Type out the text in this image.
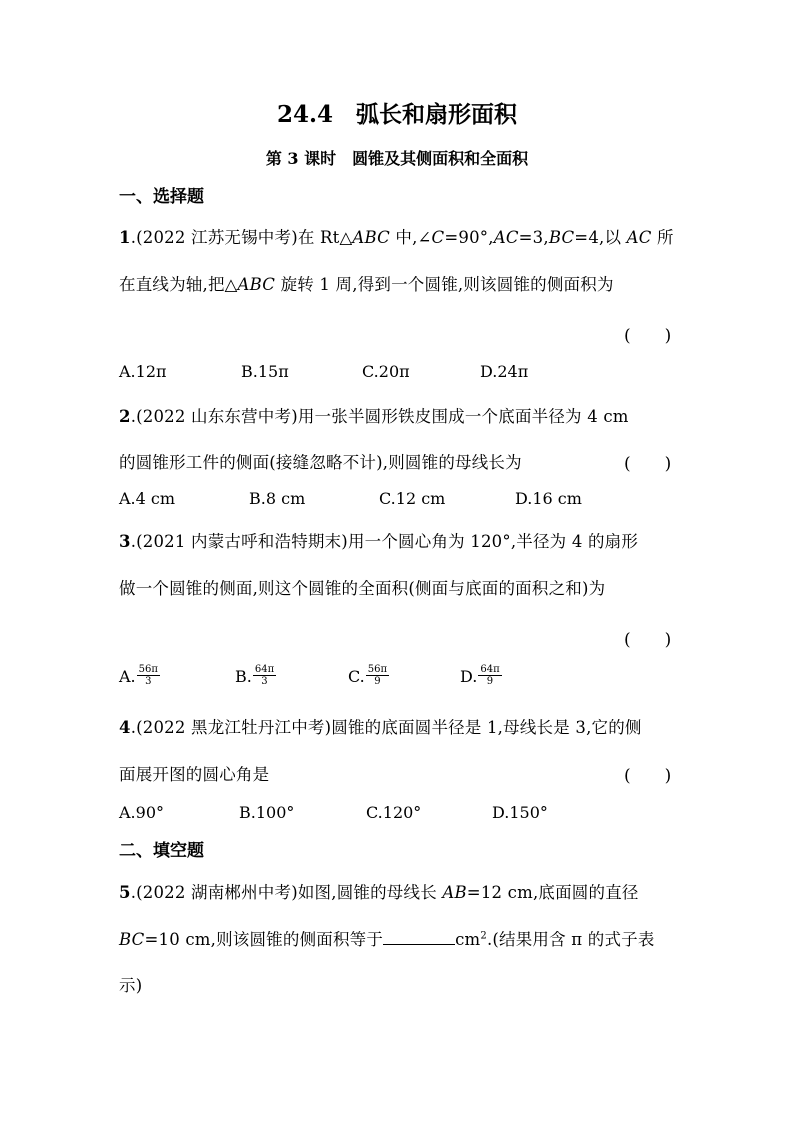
24.4　弧长和扇形面积
第 3 课时　圆锥及其侧面积和全面积
一、选择题
1.(2022 江苏无锡中考)在 Rt△ABC 中,∠C=90°,AC=3,BC=4,以 AC 所
在直线为轴,把△ABC 旋转 1 周,得到一个圆锥,则该圆锥的侧面积为
(　　)
A.12π	B.15π	C.20π	D.24π
2.(2022 山东东营中考)用一张半圆形铁皮围成一个底面半径为 4 cm
的圆锥形工件的侧面(接缝忽略不计),则圆锥的母线长为	(　　)
A.4 cm	B.8 cm	C.12 cm	D.16 cm
3.(2021 内蒙古呼和浩特期末)用一个圆心角为 120°,半径为 4 的扇形
做一个圆锥的侧面,则这个圆锥的全面积(侧面与底面的面积之和)为
(　　)
A. $\frac{56\pi}{3}$	B. $\frac{64\pi}{3}$	C. $\frac{56\pi}{9}$	D. $\frac{64\pi}{9}$
4.(2022 黑龙江牡丹江中考)圆锥的底面圆半径是 1,母线长是 3,它的侧
面展开图的圆心角是	(　　)
A.90°	B.100°	C.120°	D.150°
二、填空题
5.(2022 湖南郴州中考)如图,圆锥的母线长 AB=12 cm,底面圆的直径
BC=10 cm,则该圆锥的侧面积等于	$cm^2$.(结果用含 π 的式子表
示)
